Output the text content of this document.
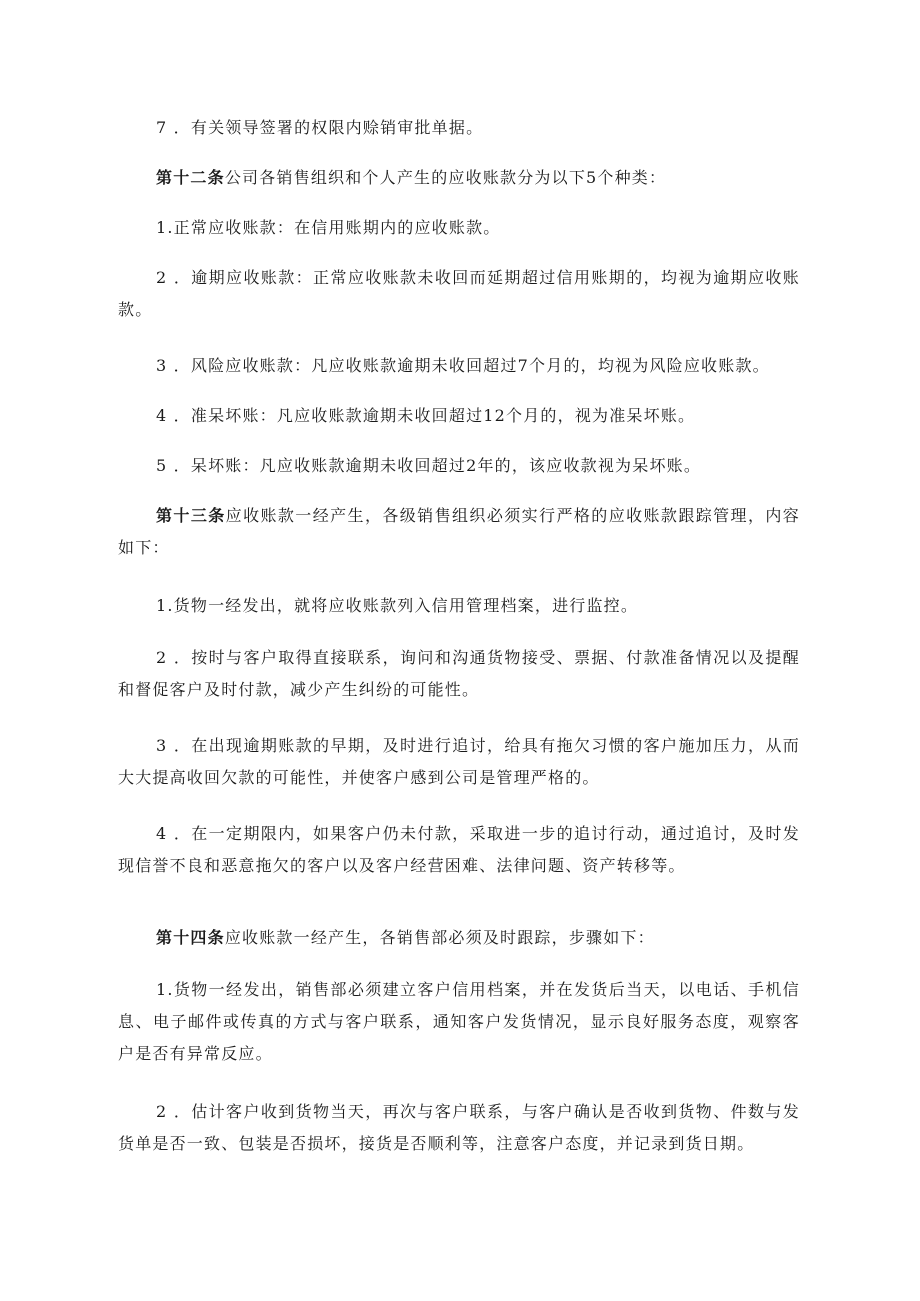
7 ．有关领导签署的权限内赊销审批单据。

第十二条公司各销售组织和个人产生的应收账款分为以下5个种类：

1.正常应收账款：在信用账期内的应收账款。

2 ．逾期应收账款：正常应收账款未收回而延期超过信用账期的，均视为逾期应收账款。

3 ．风险应收账款：凡应收账款逾期未收回超过7个月的，均视为风险应收账款。

4 ．准呆坏账：凡应收账款逾期未收回超过12个月的，视为准呆坏账。

5 ．呆坏账：凡应收账款逾期未收回超过2年的，该应收款视为呆坏账。

第十三条应收账款一经产生，各级销售组织必须实行严格的应收账款跟踪管理，内容如下：

1.货物一经发出，就将应收账款列入信用管理档案，进行监控。

2 ．按时与客户取得直接联系，询问和沟通货物接受、票据、付款准备情况以及提醒和督促客户及时付款，减少产生纠纷的可能性。

3 ．在出现逾期账款的早期，及时进行追讨，给具有拖欠习惯的客户施加压力，从而大大提高收回欠款的可能性，并使客户感到公司是管理严格的。

4 ．在一定期限内，如果客户仍未付款，采取进一步的追讨行动，通过追讨，及时发现信誉不良和恶意拖欠的客户以及客户经营困难、法律问题、资产转移等。

第十四条应收账款一经产生，各销售部必须及时跟踪，步骤如下：

1.货物一经发出，销售部必须建立客户信用档案，并在发货后当天，以电话、手机信息、电子邮件或传真的方式与客户联系，通知客户发货情况，显示良好服务态度，观察客户是否有异常反应。

2 ．估计客户收到货物当天，再次与客户联系，与客户确认是否收到货物、件数与发货单是否一致、包装是否损坏，接货是否顺利等，注意客户态度，并记录到货日期。
